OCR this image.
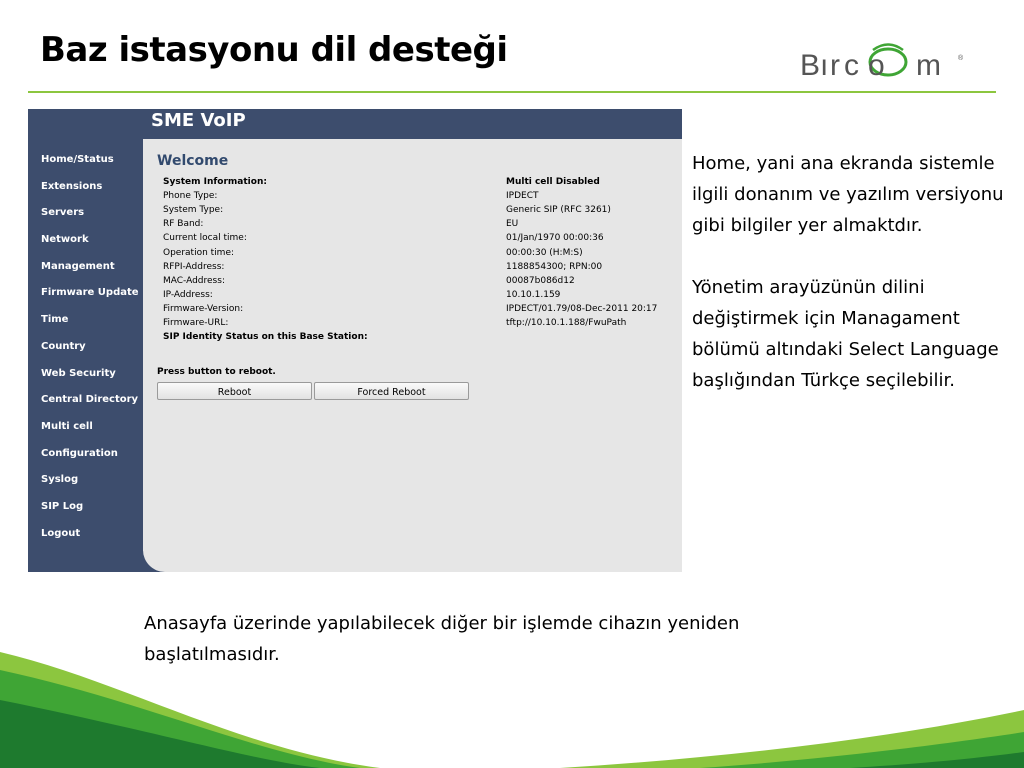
Baz istasyonu dil desteği	B
ı r c o m ®
Home/Status
Extensions
Servers
Network
Management
Firmware Update
Time
Country
Web Security
Central Directory
Multi cell
Configuration
Syslog
SIP Log
Logout
SME VoIP
Welcome
System Information:	Multi cell Disabled
Phone Type:	IPDECT
System Type:	Generic SIP (RFC 3261)
RF Band:	EU
Current local time:	01/Jan/1970 00:00:36
Operation time:	00:00:30 (H:M:S)
RFPI-Address:	1188854300; RPN:00
MAC-Address:	00087b086d12
IP-Address:	10.10.1.159
Firmware-Version:	IPDECT/01.79/08-Dec-2011 20:17
Firmware-URL:	tftp://10.10.1.188/FwuPath
SIP Identity Status on this Base Station:	
Press button to reboot.
Reboot	Forced Reboot

Home, yani ana ekranda sistemle ilgili donanım ve yazılım versiyonu gibi bilgiler yer almaktdır.

Yönetim arayüzünün dilini değiştirmek için Managament bölümü altındaki Select Language başlığından Türkçe seçilebilir.

Anasayfa üzerinde yapılabilecek diğer bir işlemde cihazın yeniden başlatılmasıdır.
